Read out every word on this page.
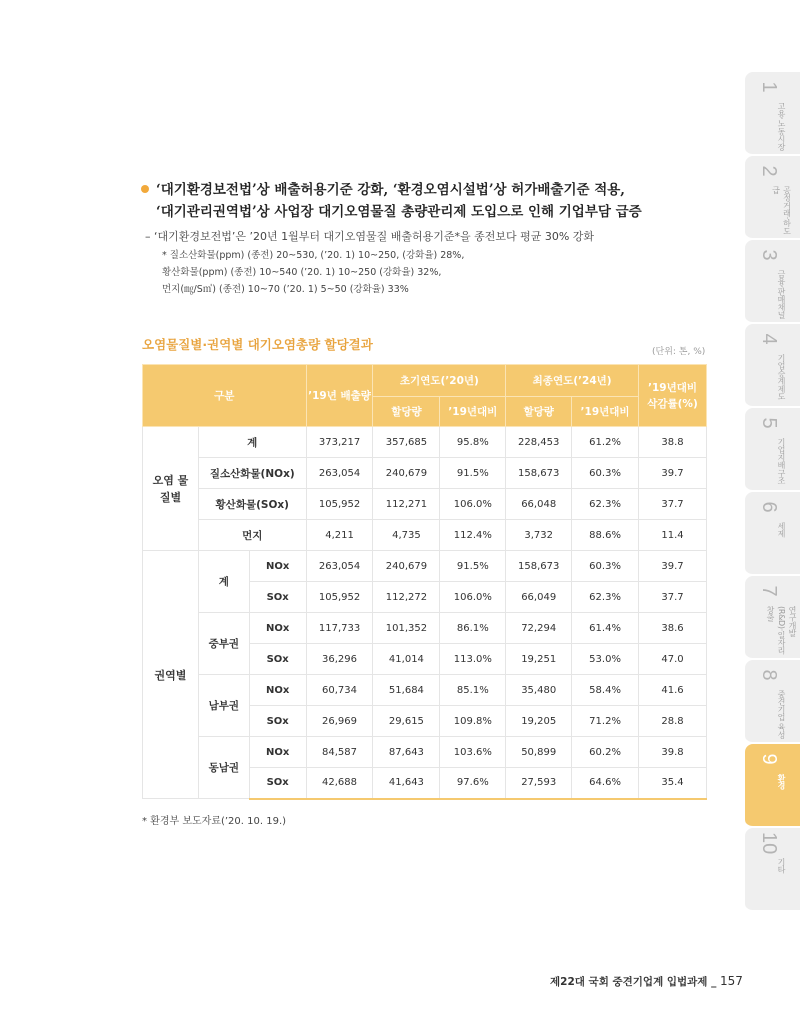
1
고용·노동시장
2
공정거래·하도급
3
금융·판매채널
4
기업승계제도
5
기업지배구조
6
세제
7
연구개발(R&D)·일자리창출
8
중견기업 육성
9
환경
10
기타

‘대기환경보전법’상 배출허용기준 강화, ‘환경오염시설법’상 허가배출기준 적용,

‘대기관리권역법’상 사업장 대기오염물질 총량관리제 도입으로 인해 기업부담 급증

– ‘대기환경보전법’은 ’20년 1월부터 대기오염물질 배출허용기준*을 종전보다 평균 30% 강화

* 질소산화물(ppm) (종전) 20~530, (’20. 1) 10~250, (강화율) 28%,

황산화물(ppm) (종전) 10~540 (’20. 1) 10~250 (강화율) 32%,

먼지(㎎/S㎥) (종전) 10~70 (’20. 1) 5~50 (강화율) 33%

오염물질별·권역별 대기오염총량 할당결과	(단위: 톤, %)
구분			’19년 배출량	초기연도(’20년)		최종연도(’24년)		’19년대비 삭감률(%)
				할당량	’19년대비	할당량	’19년대비	
오염 물질별	계		373,217	357,685	95.8%	228,453	61.2%	38.8
	질소산화물(NOx)		263,054	240,679	91.5%	158,673	60.3%	39.7
	황산화물(SOx)		105,952	112,271	106.0%	66,048	62.3%	37.7
	먼지		4,211	4,735	112.4%	3,732	88.6%	11.4
권역별	계	NOx	263,054	240,679	91.5%	158,673	60.3%	39.7
		SOx	105,952	112,272	106.0%	66,049	62.3%	37.7
	중부권	NOx	117,733	101,352	86.1%	72,294	61.4%	38.6
		SOx	36,296	41,014	113.0%	19,251	53.0%	47.0
	남부권	NOx	60,734	51,684	85.1%	35,480	58.4%	41.6
		SOx	26,969	29,615	109.8%	19,205	71.2%	28.8
	동남권	NOx	84,587	87,643	103.6%	50,899	60.2%	39.8
		SOx	42,688	41,643	97.6%	27,593	64.6%	35.4
* 환경부 보도자료(’20. 10. 19.)
제22대 국회 중견기업계 입법과제 _ 157
